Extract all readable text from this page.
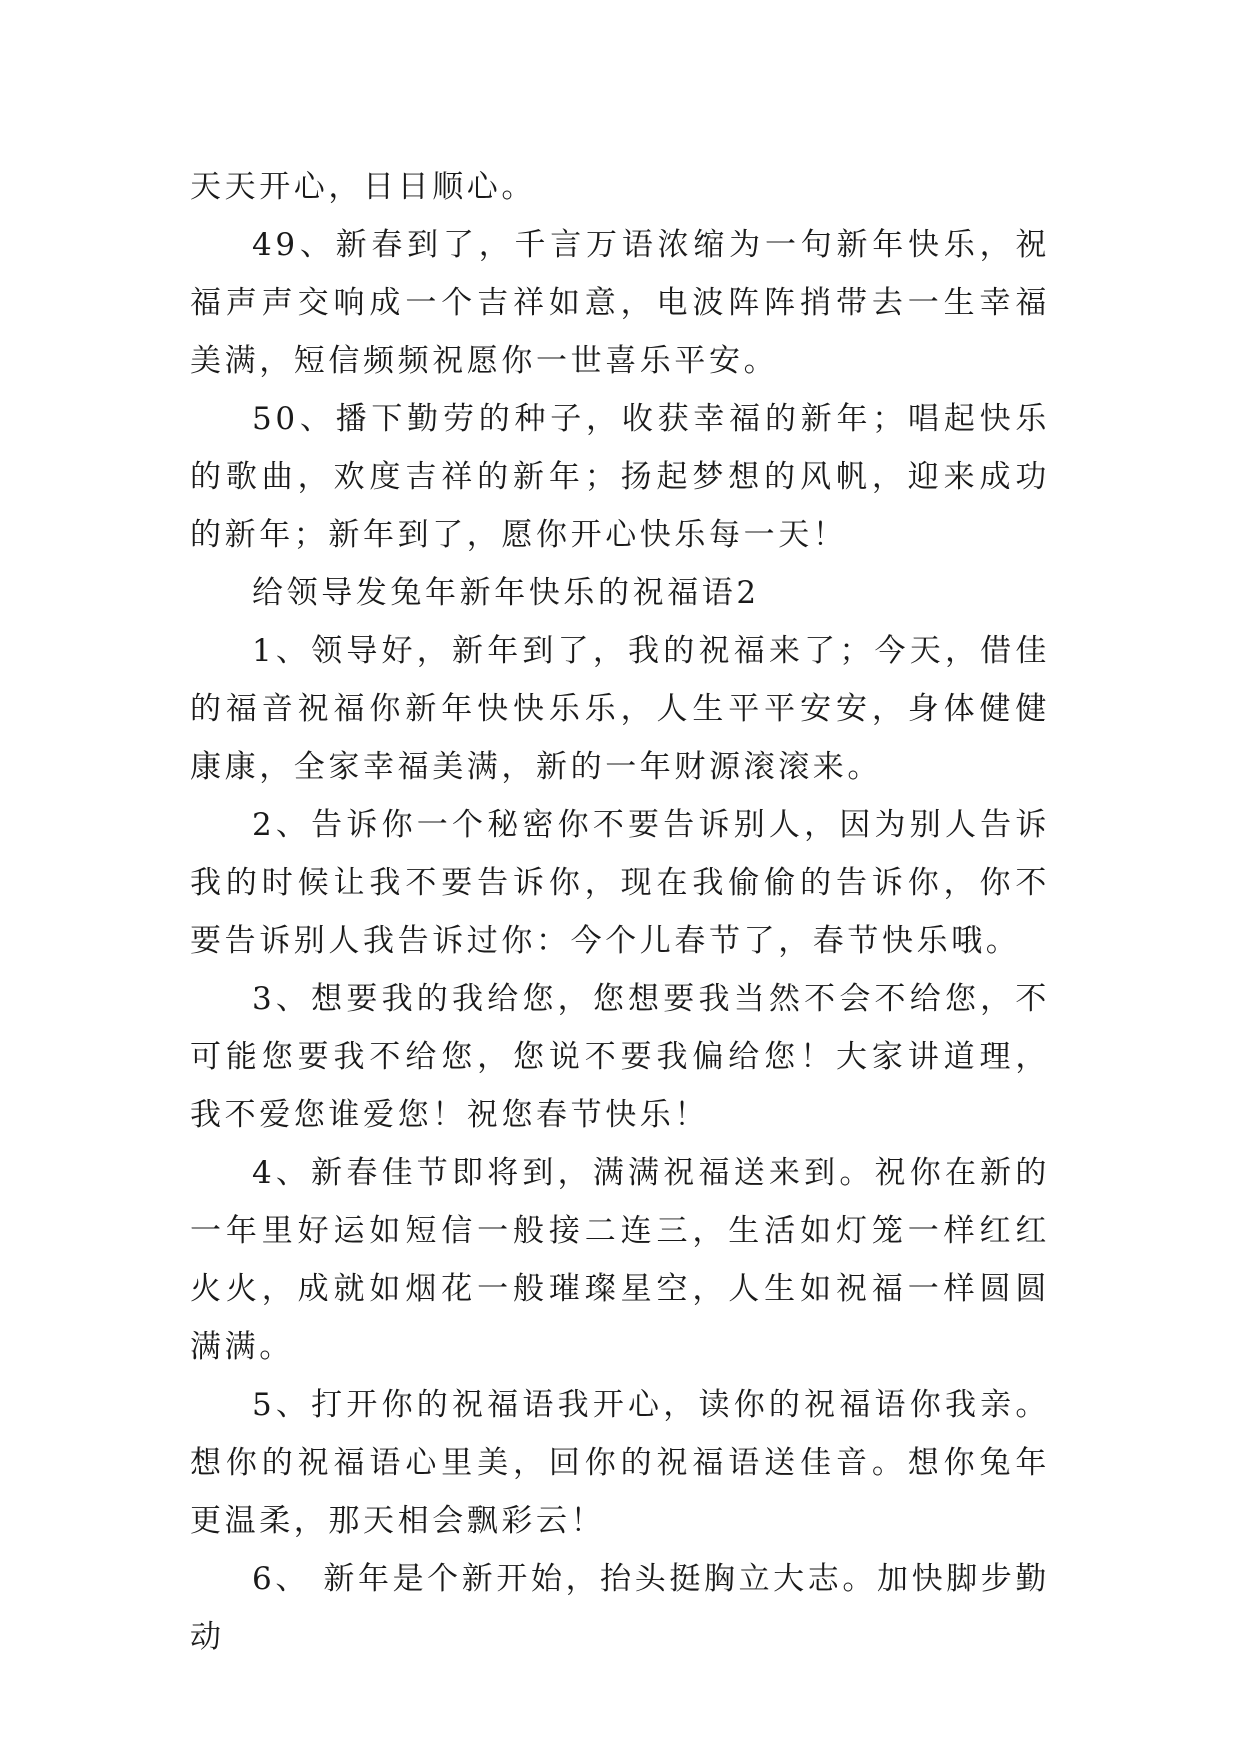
天天开心，日日顺心。

49、新春到了，千言万语浓缩为一句新年快乐，祝福声声交响成一个吉祥如意，电波阵阵捎带去一生幸福美满，短信频频祝愿你一世喜乐平安。

50、播下勤劳的种子，收获幸福的新年；唱起快乐的歌曲，欢度吉祥的新年；扬起梦想的风帆，迎来成功的新年；新年到了，愿你开心快乐每一天！

给领导发兔年新年快乐的祝福语2

1、领导好，新年到了，我的祝福来了；今天，借佳的福音祝福你新年快快乐乐，人生平平安安，身体健健康康，全家幸福美满，新的一年财源滚滚来。

2、告诉你一个秘密你不要告诉别人，因为别人告诉我的时候让我不要告诉你，现在我偷偷的告诉你，你不要告诉别人我告诉过你：今个儿春节了，春节快乐哦。

3、想要我的我给您，您想要我当然不会不给您，不可能您要我不给您，您说不要我偏给您！大家讲道理，我不爱您谁爱您！祝您春节快乐！

4、新春佳节即将到，满满祝福送来到。祝你在新的一年里好运如短信一般接二连三，生活如灯笼一样红红火火，成就如烟花一般璀璨星空，人生如祝福一样圆圆满满。

5、打开你的祝福语我开心，读你的祝福语你我亲。想你的祝福语心里美，回你的祝福语送佳音。想你兔年更温柔，那天相会飘彩云！

6、 新年是个新开始，抬头挺胸立大志。加快脚步勤动
